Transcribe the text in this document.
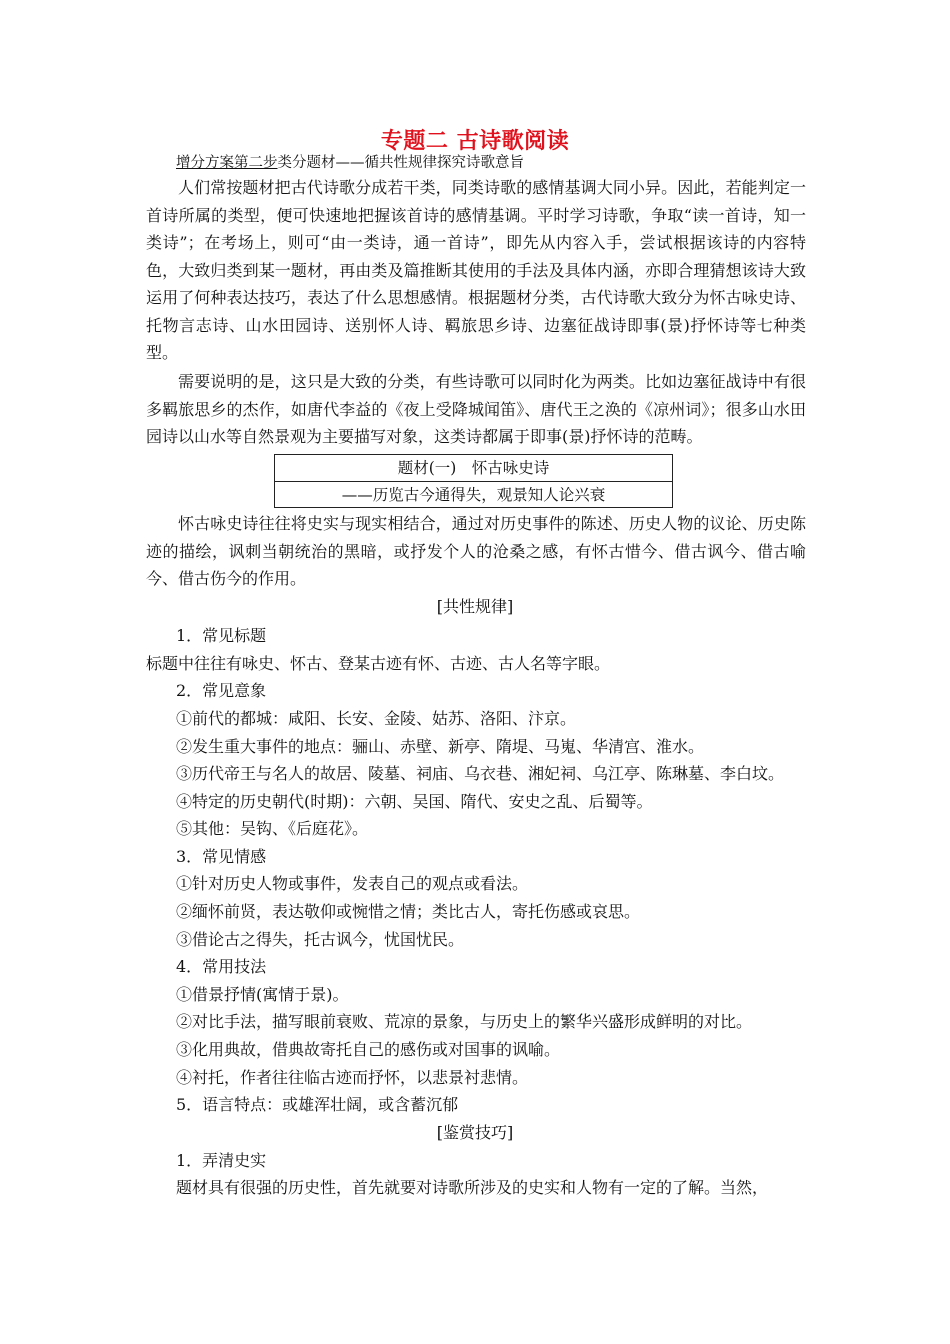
专题二 古诗歌阅读
增分方案第二步类分题材——循共性规律探究诗歌意旨

人们常按题材把古代诗歌分成若干类，同类诗歌的感情基调大同小异。因此，若能判定一首诗所属的类型，便可快速地把握该首诗的感情基调。平时学习诗歌，争取“读一首诗，知一类诗”；在考场上，则可“由一类诗，通一首诗”，即先从内容入手，尝试根据该诗的内容特色，大致归类到某一题材，再由类及篇推断其使用的手法及具体内涵，亦即合理猜想该诗大致运用了何种表达技巧，表达了什么思想感情。根据题材分类，古代诗歌大致分为怀古咏史诗、托物言志诗、山水田园诗、送别怀人诗、羁旅思乡诗、边塞征战诗即事(景)抒怀诗等七种类型。

需要说明的是，这只是大致的分类，有些诗歌可以同时化为两类。比如边塞征战诗中有很多羁旅思乡的杰作，如唐代李益的《夜上受降城闻笛》、唐代王之涣的《凉州词》；很多山水田园诗以山水等自然景观为主要描写对象，这类诗都属于即事(景)抒怀诗的范畴。

题材(一)　怀古咏史诗
——历览古今通得失，观景知人论兴衰

怀古咏史诗往往将史实与现实相结合，通过对历史事件的陈述、历史人物的议论、历史陈迹的描绘，讽刺当朝统治的黑暗，或抒发个人的沧桑之感，有怀古惜今、借古讽今、借古喻今、借古伤今的作用。

[共性规律]

1．常见标题

标题中往往有咏史、怀古、登某古迹有怀、古迹、古人名等字眼。

2．常见意象

①前代的都城：咸阳、长安、金陵、姑苏、洛阳、汴京。

②发生重大事件的地点：骊山、赤壁、新亭、隋堤、马嵬、华清宫、淮水。

③历代帝王与名人的故居、陵墓、祠庙、乌衣巷、湘妃祠、乌江亭、陈琳墓、李白坟。

④特定的历史朝代(时期)：六朝、吴国、隋代、安史之乱、后蜀等。

⑤其他：吴钩、《后庭花》。

3．常见情感

①针对历史人物或事件，发表自己的观点或看法。

②缅怀前贤，表达敬仰或惋惜之情；类比古人，寄托伤感或哀思。

③借论古之得失，托古讽今，忧国忧民。

4．常用技法

①借景抒情(寓情于景)。

②对比手法，描写眼前衰败、荒凉的景象，与历史上的繁华兴盛形成鲜明的对比。

③化用典故，借典故寄托自己的感伤或对国事的讽喻。

④衬托，作者往往临古迹而抒怀，以悲景衬悲情。

5．语言特点：或雄浑壮阔，或含蓄沉郁

[鉴赏技巧]

1．弄清史实

题材具有很强的历史性，首先就要对诗歌所涉及的史实和人物有一定的了解。当然，
